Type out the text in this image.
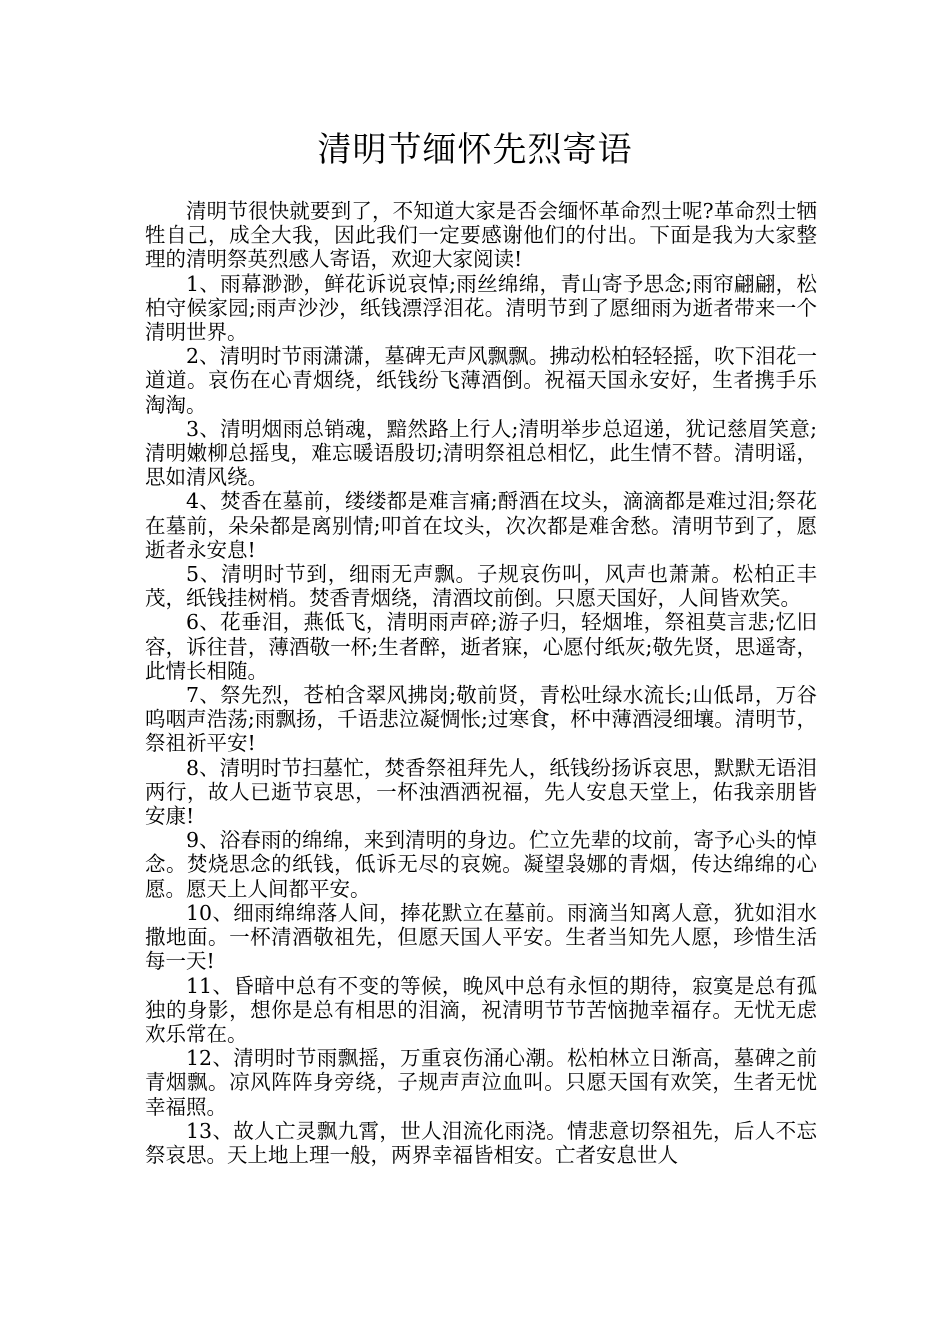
清明节缅怀先烈寄语

清明节很快就要到了，不知道大家是否会缅怀革命烈士呢?革命烈士牺牲自己，成全大我，因此我们一定要感谢他们的付出。下面是我为大家整理的清明祭英烈感人寄语，欢迎大家阅读!

1、雨幕渺渺，鲜花诉说哀悼;雨丝绵绵，青山寄予思念;雨帘翩翩，松柏守候家园;雨声沙沙，纸钱漂浮泪花。清明节到了愿细雨为逝者带来一个清明世界。

2、清明时节雨潇潇，墓碑无声风飘飘。拂动松柏轻轻摇，吹下泪花一道道。哀伤在心青烟绕，纸钱纷飞薄酒倒。祝福天国永安好，生者携手乐淘淘。

3、清明烟雨总销魂，黯然路上行人;清明举步总迢递，犹记慈眉笑意;清明嫩柳总摇曳，难忘暖语殷切;清明祭祖总相忆，此生情不替。清明谣，思如清风绕。

4、焚香在墓前，缕缕都是难言痛;酹酒在坟头，滴滴都是难过泪;祭花在墓前，朵朵都是离别情;叩首在坟头，次次都是难舍愁。清明节到了，愿逝者永安息!

5、清明时节到，细雨无声飘。子规哀伤叫，风声也萧萧。松柏正丰茂，纸钱挂树梢。焚香青烟绕，清酒坟前倒。只愿天国好，人间皆欢笑。

6、花垂泪，燕低飞，清明雨声碎;游子归，轻烟堆，祭祖莫言悲;忆旧容，诉往昔，薄酒敬一杯;生者醉，逝者寐，心愿付纸灰;敬先贤，思遥寄，此情长相随。

7、祭先烈，苍柏含翠风拂岗;敬前贤，青松吐绿水流长;山低昂，万谷呜咽声浩荡;雨飘扬，千语悲泣凝惆怅;过寒食，杯中薄酒浸细壤。清明节，祭祖祈平安!

8、清明时节扫墓忙，焚香祭祖拜先人，纸钱纷扬诉哀思，默默无语泪两行，故人已逝节哀思，一杯浊酒洒祝福，先人安息天堂上，佑我亲朋皆安康!

9、浴春雨的绵绵，来到清明的身边。伫立先辈的坟前，寄予心头的悼念。焚烧思念的纸钱，低诉无尽的哀婉。凝望袅娜的青烟，传达绵绵的心愿。愿天上人间都平安。

10、细雨绵绵落人间，捧花默立在墓前。雨滴当知离人意，犹如泪水撒地面。一杯清酒敬祖先，但愿天国人平安。生者当知先人愿，珍惜生活每一天!

11、昏暗中总有不变的等候，晚风中总有永恒的期待，寂寞是总有孤独的身影，想你是总有相思的泪滴，祝清明节节苦恼抛幸福存。无忧无虑欢乐常在。

12、清明时节雨飘摇，万重哀伤涌心潮。松柏林立日渐高，墓碑之前青烟飘。凉风阵阵身旁绕，子规声声泣血叫。只愿天国有欢笑，生者无忧幸福照。

13、故人亡灵飘九霄，世人泪流化雨浇。情悲意切祭祖先，后人不忘祭哀思。天上地上理一般，两界幸福皆相安。亡者安息世人
